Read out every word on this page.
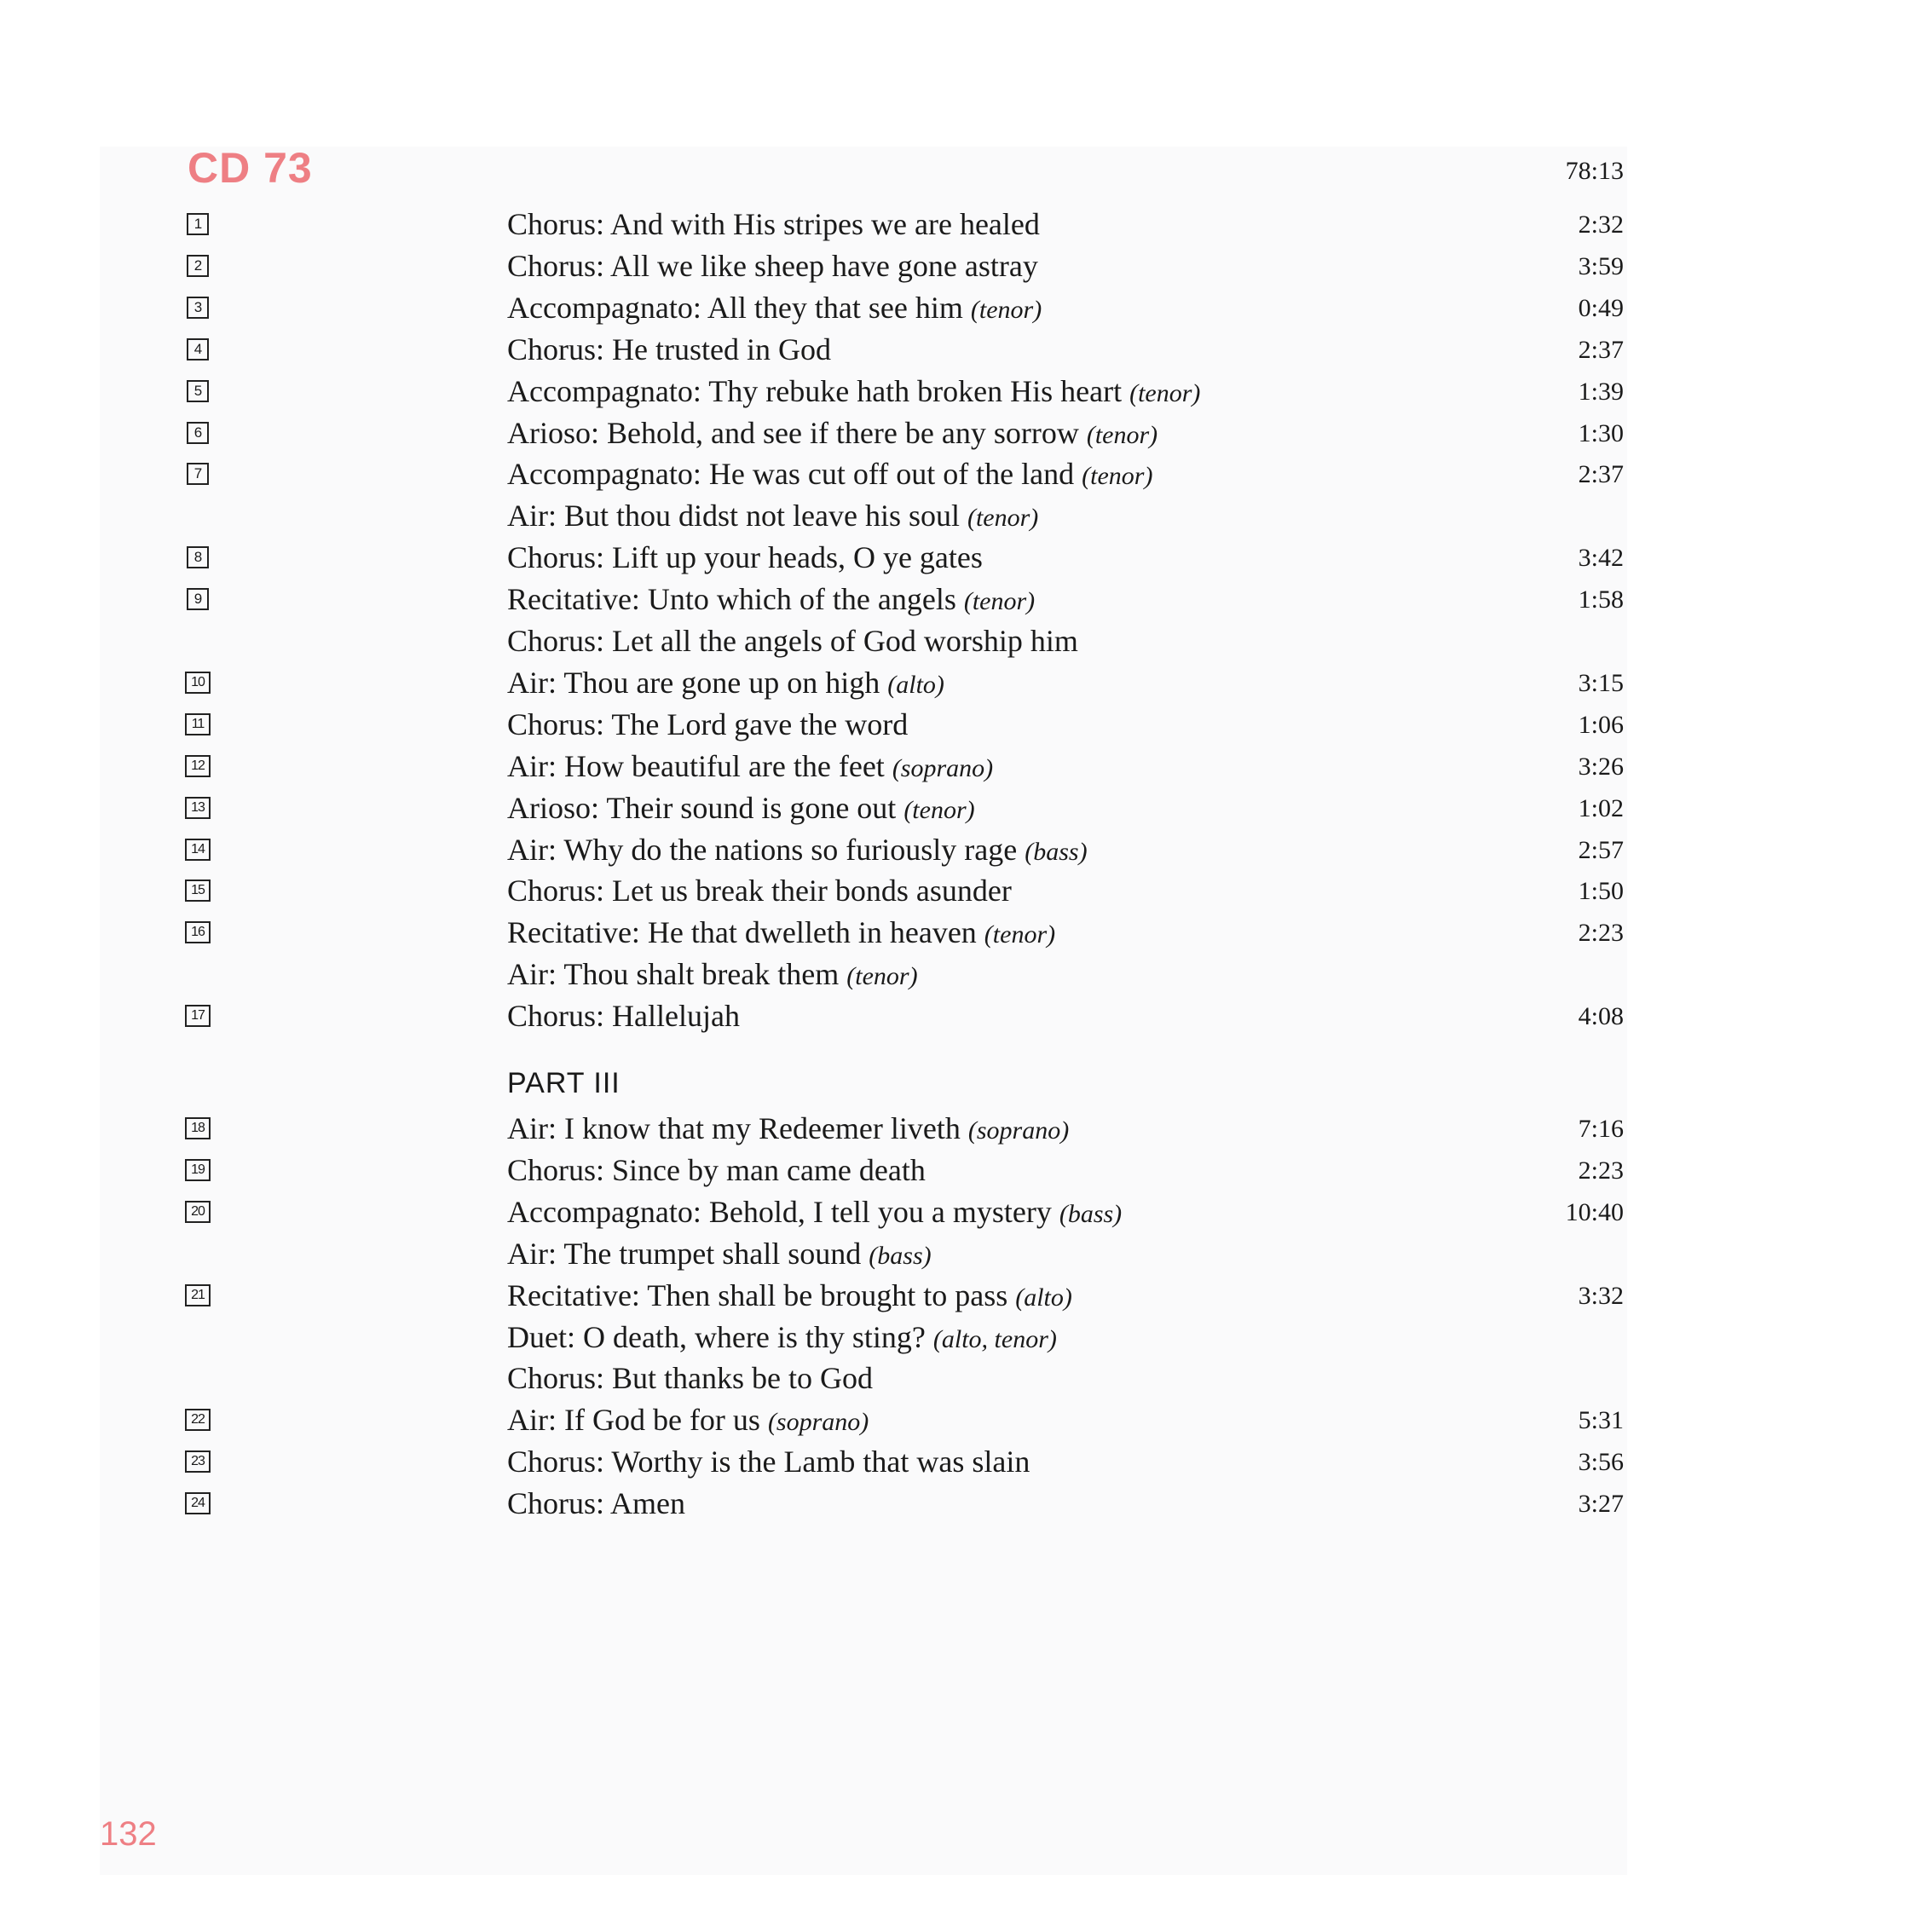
CD 73	78:13
1	Chorus: And with His stripes we are healed	2:32
2	Chorus: All we like sheep have gone astray	3:59
3	Accompagnato: All they that see him (tenor)	0:49
4	Chorus: He trusted in God	2:37
5	Accompagnato: Thy rebuke hath broken His heart (tenor)	1:39
6	Arioso: Behold, and see if there be any sorrow (tenor)	1:30
7	Accompagnato: He was cut off out of the land (tenor)	2:37
Air: But thou didst not leave his soul (tenor)
8	Chorus: Lift up your heads, O ye gates	3:42
9	Recitative: Unto which of the angels (tenor)	1:58
Chorus: Let all the angels of God worship him
10	Air: Thou are gone up on high (alto)	3:15
11	Chorus: The Lord gave the word	1:06
12	Air: How beautiful are the feet (soprano)	3:26
13	Arioso: Their sound is gone out (tenor)	1:02
14	Air: Why do the nations so furiously rage (bass)	2:57
15	Chorus: Let us break their bonds asunder	1:50
16	Recitative: He that dwelleth in heaven (tenor)	2:23
Air: Thou shalt break them (tenor)
17	Chorus: Hallelujah	4:08
18	Air: I know that my Redeemer liveth (soprano)	7:16
19	Chorus: Since by man came death	2:23
20	Accompagnato: Behold, I tell you a mystery (bass)	10:40
Air: The trumpet shall sound (bass)
21	Recitative: Then shall be brought to pass (alto)	3:32
Duet: O death, where is thy sting? (alto, tenor)
Chorus: But thanks be to God
22	Air: If God be for us (soprano)	5:31
23	Chorus: Worthy is the Lamb that was slain	3:56
24	Chorus: Amen	3:27
PART III
132
